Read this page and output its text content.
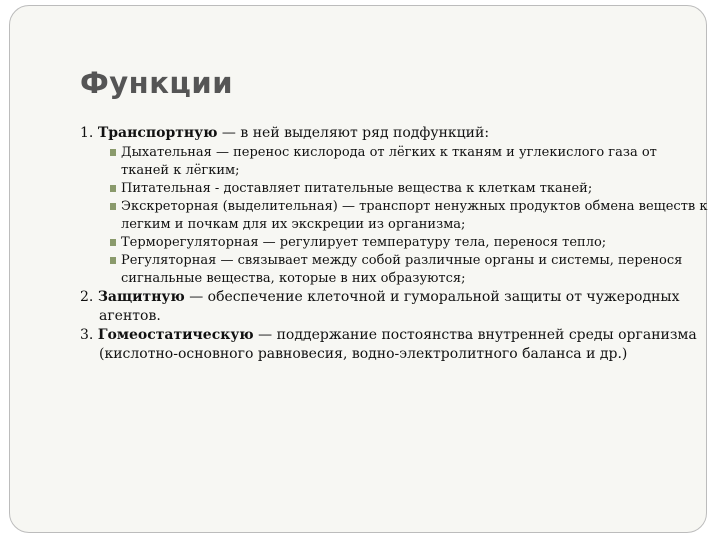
Функции
1. Транспортную — в ней выделяют ряд подфункций:
Дыхательная — перенос кислорода от лёгких к тканям и углекислого газа от тканей к лёгким;
Питательная - доставляет питательные вещества к клеткам тканей;
Экскреторная (выделительная) — транспорт ненужных продуктов обмена веществ к легким и почкам для их экскреции из организма;
Терморегуляторная — регулирует температуру тела, перенося тепло;
Регуляторная — связывает между собой различные органы и системы, перенося сигнальные вещества, которые в них образуются;
2. Защитную — обеспечение клеточной и гуморальной защиты от чужеродных агентов.
3. Гомеостатическую — поддержание постоянства внутренней среды организма (кислотно-основного равновесия, водно-электролитного баланса и др.)
